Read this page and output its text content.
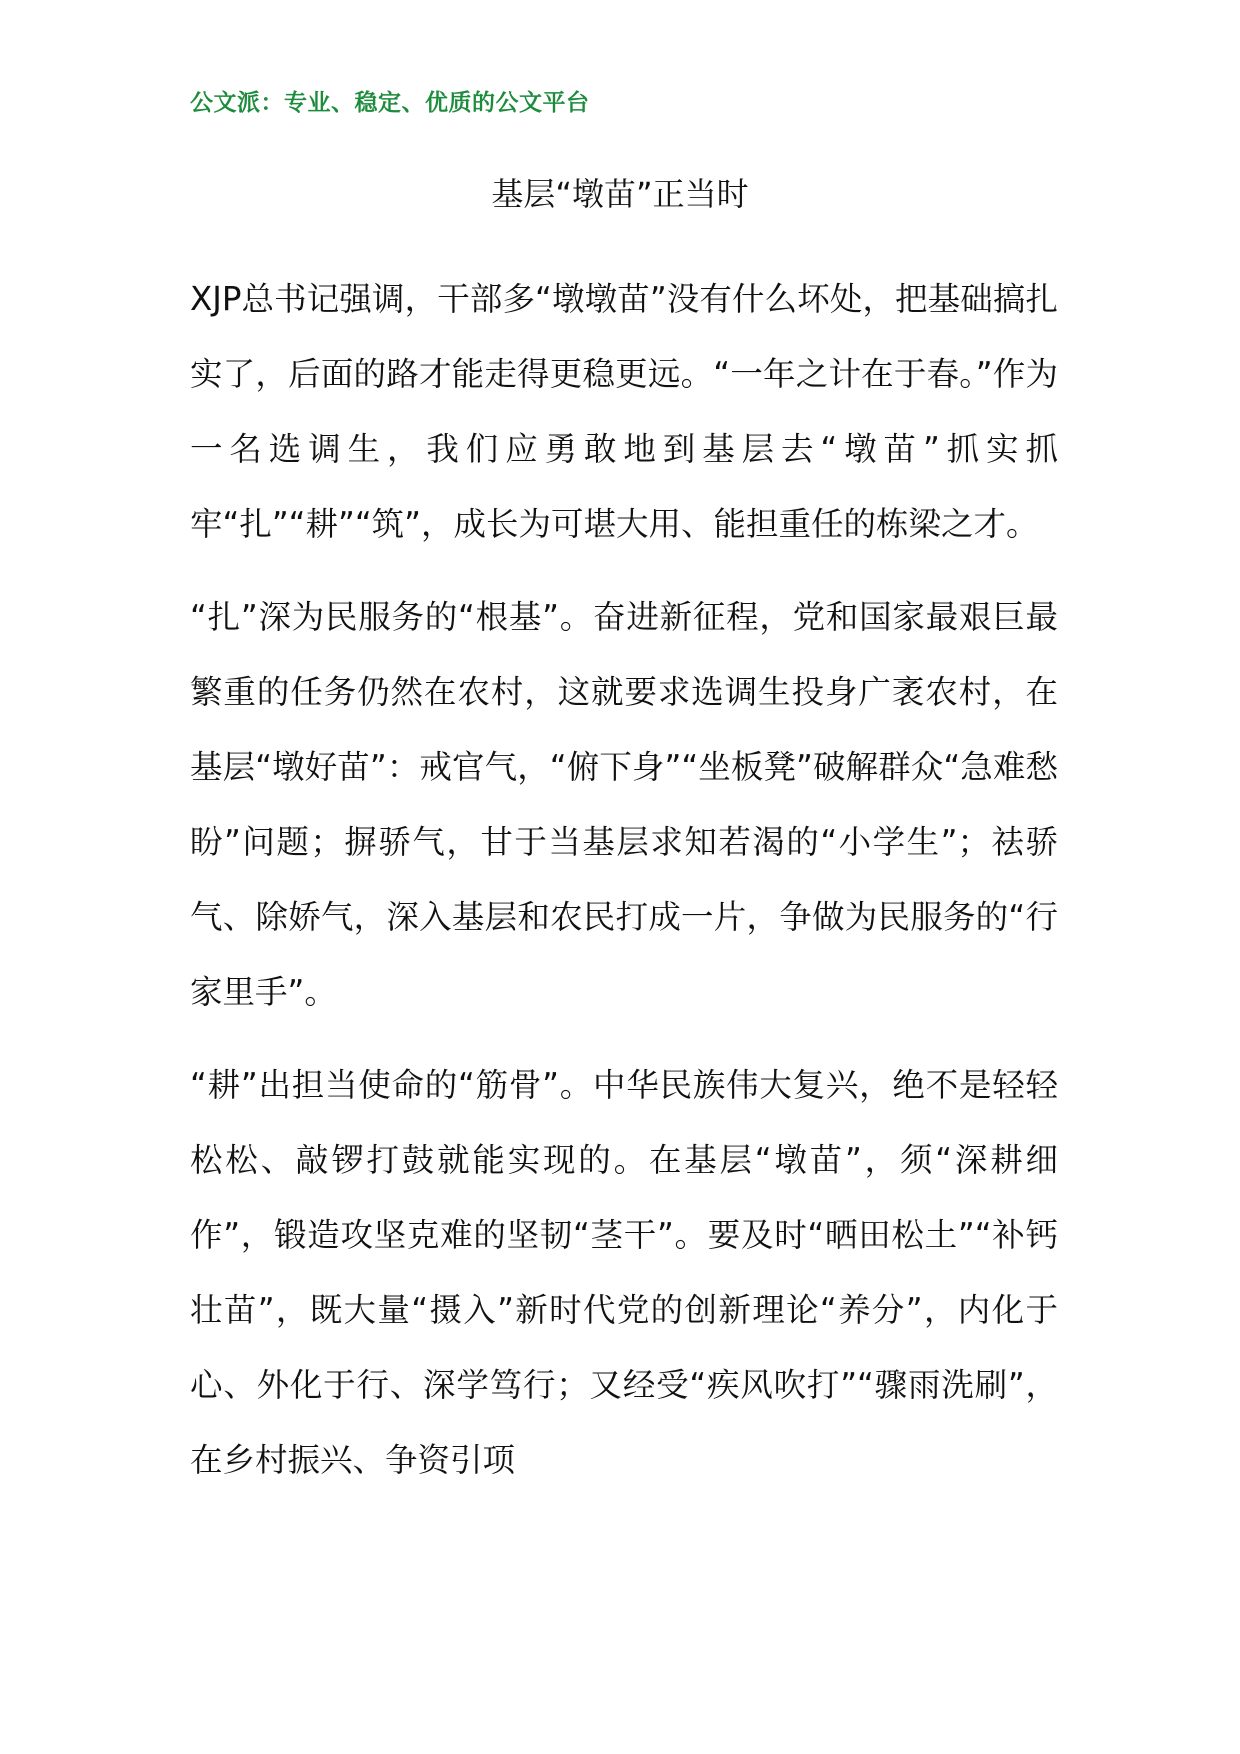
公文派：专业、稳定、优质的公文平台
基层“墩苗”正当时

XJP总书记强调，干部多“墩墩苗”没有什么坏处，把基础搞扎实了，后面的路才能走得更稳更远。“一年之计在于春。”作为一名选调生，我们应勇敢地到基层去“墩苗”抓实抓牢“扎”“耕”“筑”，成长为可堪大用、能担重任的栋梁之才。

“扎”深为民服务的“根基”。奋进新征程，党和国家最艰巨最繁重的任务仍然在农村，这就要求选调生投身广袤农村，在基层“墩好苗”：戒官气，“俯下身”“坐板凳”破解群众“急难愁盼”问题；摒骄气，甘于当基层求知若渴的“小学生”；祛骄气、除娇气，深入基层和农民打成一片，争做为民服务的“行家里手”。

“耕”出担当使命的“筋骨”。中华民族伟大复兴，绝不是轻轻松松、敲锣打鼓就能实现的。在基层“墩苗”，须“深耕细作”，锻造攻坚克难的坚韧“茎干”。要及时“晒田松土”“补钙壮苗”，既大量“摄入”新时代党的创新理论“养分”，内化于心、外化于行、深学笃行；又经受“疾风吹打”“骤雨洗刷”，在乡村振兴、争资引项
